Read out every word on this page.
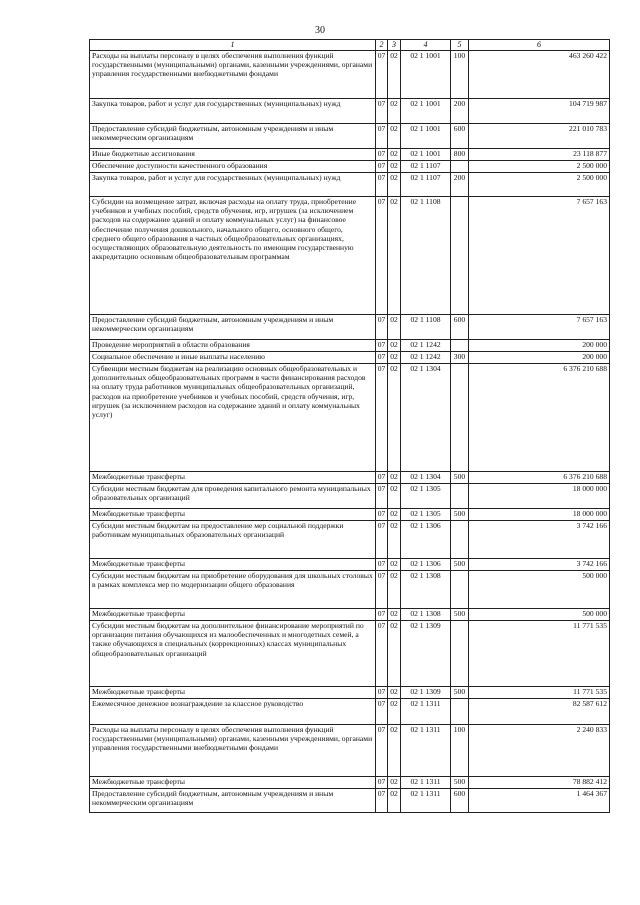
30
1	2	3	4	5	6
Расходы на выплаты персоналу в целях обеспечения выполнения функций государственными (муниципальными) органами, казенными учреждениями, органами управления государственными внебюджетными фондами	07	02	02 1 1001	100	463 260 422
Закупка товаров, работ и услуг для государственных (муниципальных) нужд	07	02	02 1 1001	200	104 719 987
Предоставление субсидий бюджетным, автономным учреждениям и иным некоммерческим организациям	07	02	02 1 1001	600	221 010 783
Иные бюджетные ассигнования	07	02	02 1 1001	800	23 118 877
Обеспечение доступности качественного образования	07	02	02 1 1107		2 500 000
Закупка товаров, работ и услуг для государственных (муниципальных) нужд	07	02	02 1 1107	200	2 500 000
Субсидии на возмещение затрат, включая расходы на оплату труда, приобретение учебников и учебных пособий, средств обучения, игр, игрушек (за исключением расходов на содержание зданий и оплату коммунальных услуг) на финансовое обеспечение получения дошкольного, начального общего, основного общего, среднего общего образования в частных общеобразовательных организациях, осуществляющих образовательную деятельность по имеющим государственную аккредитацию основным общеобразовательным программам	07	02	02 1 1108		7 657 163
Предоставление субсидий бюджетным, автономным учреждениям и иным некоммерческим организациям	07	02	02 1 1108	600	7 657 163
Проведение мероприятий в области образования	07	02	02 1 1242		200 000
Социальное обеспечение и иные выплаты населению	07	02	02 1 1242	300	200 000
Субвенции местным бюджетам на реализацию основных общеобразовательных и дополнительных общеобразовательных программ в части финансирования расходов на оплату труда работников муниципальных общеобразовательных организаций, расходов на приобретение учебников и учебных пособий, средств обучения, игр, игрушек (за исключением расходов на содержание зданий и оплату коммунальных услуг)	07	02	02 1 1304		6 376 210 688
Межбюджетные трансферты	07	02	02 1 1304	500	6 376 210 688
Субсидии местным бюджетам для проведения капитального ремонта муниципальных образовательных организаций	07	02	02 1 1305		18 000 000
Межбюджетные трансферты	07	02	02 1 1305	500	18 000 000
Субсидии местным бюджетам на предоставление мер социальной поддержки работникам муниципальных образовательных организаций	07	02	02 1 1306		3 742 166
Межбюджетные трансферты	07	02	02 1 1306	500	3 742 166
Субсидии местным бюджетам на приобретение оборудования для школьных столовых в рамках комплекса мер по модернизации общего образования	07	02	02 1 1308		500 000
Межбюджетные трансферты	07	02	02 1 1308	500	500 000
Субсидии местным бюджетам на дополнительное финансирование мероприятий по организации питания обучающихся из малообеспеченных и многодетных семей, а также обучающихся в специальных (коррекционных) классах муниципальных общеобразовательных организаций	07	02	02 1 1309		11 771 535
Межбюджетные трансферты	07	02	02 1 1309	500	11 771 535
Ежемесячное денежное вознаграждение за классное руководство	07	02	02 1 1311		82 587 612
Расходы на выплаты персоналу в целях обеспечения выполнения функций государственными (муниципальными) органами, казенными учреждениями, органами управления государственными внебюджетными фондами	07	02	02 1 1311	100	2 240 833
Межбюджетные трансферты	07	02	02 1 1311	500	78 882 412
Предоставление субсидий бюджетным, автономным учреждениям и иным некоммерческим организациям	07	02	02 1 1311	600	1 464 367
